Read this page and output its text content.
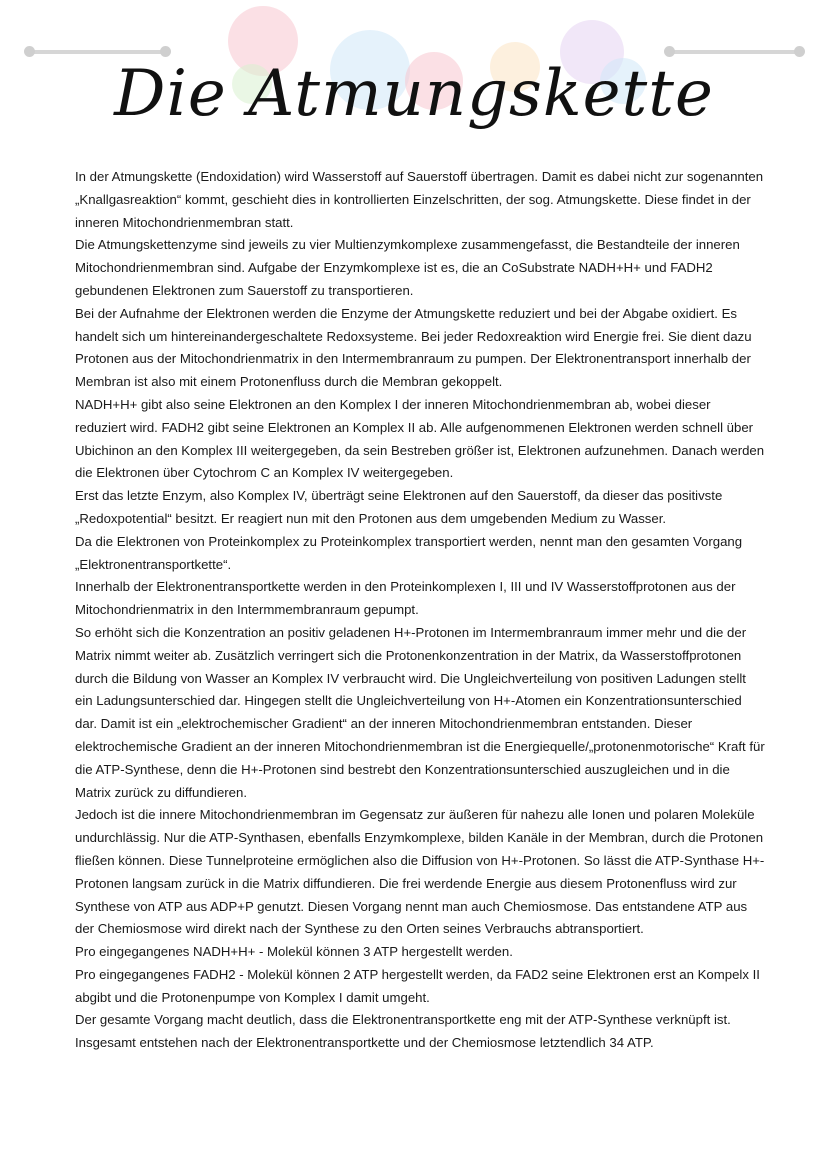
Die Atmungskette

In der Atmungskette (Endoxidation) wird Wasserstoff auf Sauerstoff übertragen. Damit es dabei nicht zur sogenannten „Knallgasreaktion“ kommt, geschieht dies in kontrollierten Einzelschritten, der sog. Atmungskette. Diese findet in der inneren Mitochondrienmembran statt.

Die Atmungskettenzyme sind jeweils zu vier Multienzymkomplexe zusammengefasst, die Bestandteile der inneren Mitochondrienmembran sind. Aufgabe der Enzymkomplexe ist es, die an CoSubstrate NADH+H+ und FADH2 gebundenen Elektronen zum Sauerstoff zu transportieren.

Bei der Aufnahme der Elektronen werden die Enzyme der Atmungskette reduziert und bei der Abgabe oxidiert. Es handelt sich um hintereinandergeschaltete Redoxsysteme. Bei jeder Redoxreaktion wird Energie frei. Sie dient dazu Protonen aus der Mitochondrienmatrix in den Intermembranraum zu pumpen. Der Elektronentransport innerhalb der Membran ist also mit einem Protonenfluss durch die Membran gekoppelt.

NADH+H+ gibt also seine Elektronen an den Komplex I der inneren Mitochondrienmembran ab, wobei dieser reduziert wird. FADH2 gibt seine Elektronen an Komplex II ab. Alle aufgenommenen Elektronen werden schnell über Ubichinon an den Komplex III weitergegeben, da sein Bestreben größer ist, Elektronen aufzunehmen. Danach werden die Elektronen über Cytochrom C an Komplex IV weitergegeben.

Erst das letzte Enzym, also Komplex IV, überträgt seine Elektronen auf den Sauerstoff, da dieser das positivste „Redoxpotential“ besitzt. Er reagiert nun mit den Protonen aus dem umgebenden Medium zu Wasser.

Da die Elektronen von Proteinkomplex zu Proteinkomplex transportiert werden, nennt man den gesamten Vorgang „Elektronentransportkette“.

Innerhalb der Elektronentransportkette werden in den Proteinkomplexen I, III und IV Wasserstoffprotonen aus der Mitochondrienmatrix in den Intermmembranraum gepumpt.

So erhöht sich die Konzentration an positiv geladenen H+-Protonen im Intermembranraum immer mehr und die der Matrix nimmt weiter ab. Zusätzlich verringert sich die Protonenkonzentration in der Matrix, da Wasserstoffprotonen durch die Bildung von Wasser an Komplex IV verbraucht wird. Die Ungleichverteilung von positiven Ladungen stellt ein Ladungsunterschied dar. Hingegen stellt die Ungleichverteilung von H+-Atomen ein Konzentrationsunterschied dar. Damit ist ein „elektrochemischer Gradient“ an der inneren Mitochondrienmembran entstanden. Dieser elektrochemische Gradient an der inneren Mitochondrienmembran ist die Energiequelle/„protonenmotorische“ Kraft für die ATP-Synthese, denn die H+-Protonen sind bestrebt den Konzentrationsunterschied auszugleichen und in die Matrix zurück zu diffundieren.

Jedoch ist die innere Mitochondrienmembran im Gegensatz zur äußeren für nahezu alle Ionen und polaren Moleküle undurchlässig. Nur die ATP-Synthasen, ebenfalls Enzymkomplexe, bilden Kanäle in der Membran, durch die Protonen fließen können. Diese Tunnelproteine ermöglichen also die Diffusion von H+-Protonen. So lässt die ATP-Synthase H+-Protonen langsam zurück in die Matrix diffundieren. Die frei werdende Energie aus diesem Protonenfluss wird zur Synthese von ATP aus ADP+P genutzt. Diesen Vorgang nennt man auch Chemiosmose. Das entstandene ATP aus der Chemiosmose wird direkt nach der Synthese zu den Orten seines Verbrauchs abtransportiert.

Pro eingegangenes NADH+H+ - Molekül können 3 ATP hergestellt werden.

Pro eingegangenes FADH2 - Molekül können 2 ATP hergestellt werden, da FAD2 seine Elektronen erst an Kompelx II abgibt und die Protonenpumpe von Komplex I damit umgeht.

Der gesamte Vorgang macht deutlich, dass die Elektronentransportkette eng mit der ATP-Synthese verknüpft ist. Insgesamt entstehen nach der Elektronentransportkette und der Chemiosmose letztendlich 34 ATP.
